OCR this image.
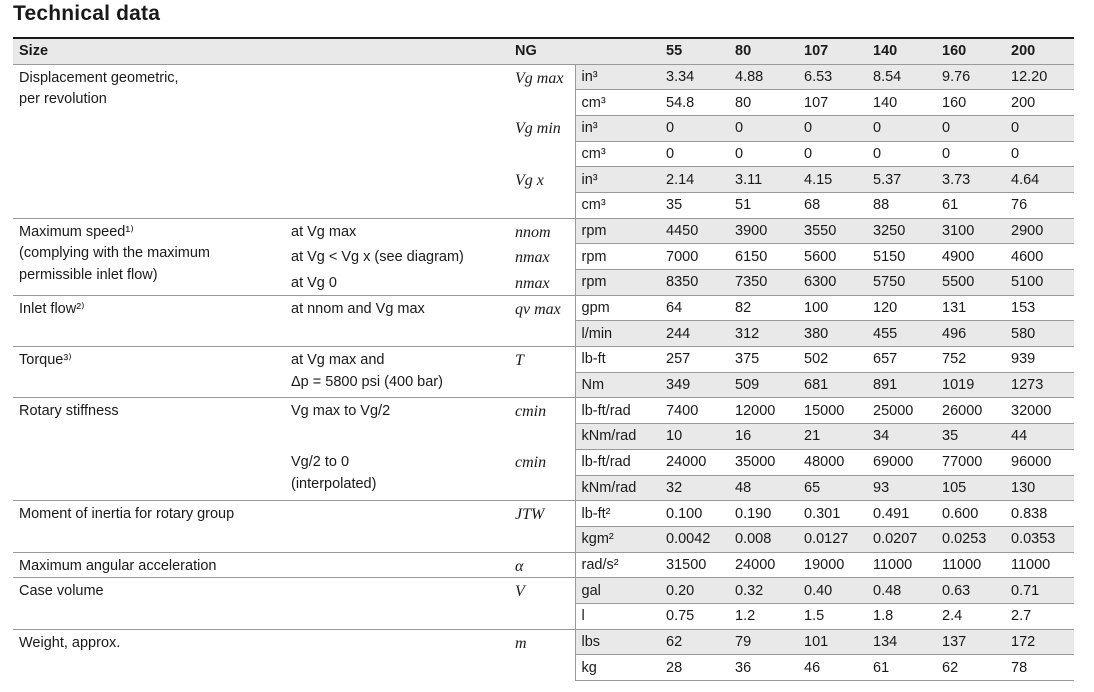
Technical data
Size		NG		55	80	107	140	160	200

Displacement geometric,
per revolution		Vg max	in³	3.34	4.88	6.53	8.54	9.76	12.20
			cm³	54.8	80	107	140	160	200
		Vg min	in³	0	0	0	0	0	0
			cm³	0	0	0	0	0	0
		Vg x	in³	2.14	3.11	4.15	5.37	3.73	4.64
			cm³	35	51	68	88	61	76

Maximum speed¹⁾
(complying with the maximum
permissible inlet flow)	at Vg max	nnom	rpm	4450	3900	3550	3250	3100	2900

	at Vg < Vg x (see diagram)	nmax	rpm	7000	6150	5600	5150	4900	4600

	at Vg 0	nmax	rpm	8350	7350	6300	5750	5500	5100

Inlet flow²⁾	at nnom and Vg max	qv max	gpm	64	82	100	120	131	153
			l/min	244	312	380	455	496	580

Torque³⁾	at Vg max and
Δp = 5800 psi (400 bar)	T	lb-ft	257	375	502	657	752	939
			Nm	349	509	681	891	1019	1273

Rotary stiffness	Vg max to Vg/2	cmin	lb-ft/rad	7400	12000	15000	25000	26000	32000
			kNm/rad	10	16	21	34	35	44

	Vg/2 to 0
(interpolated)	cmin	lb-ft/rad	24000	35000	48000	69000	77000	96000
			kNm/rad	32	48	65	93	105	130

Moment of inertia for rotary group		JTW	lb-ft²	0.100	0.190	0.301	0.491	0.600	0.838
			kgm²	0.0042	0.008	0.0127	0.0207	0.0253	0.0353

Maximum angular acceleration		α	rad/s²	31500	24000	19000	11000	11000	11000

Case volume		V	gal	0.20	0.32	0.40	0.48	0.63	0.71
			l	0.75	1.2	1.5	1.8	2.4	2.7

Weight, approx.		m	lbs	62	79	101	134	137	172
			kg	28	36	46	61	62	78
